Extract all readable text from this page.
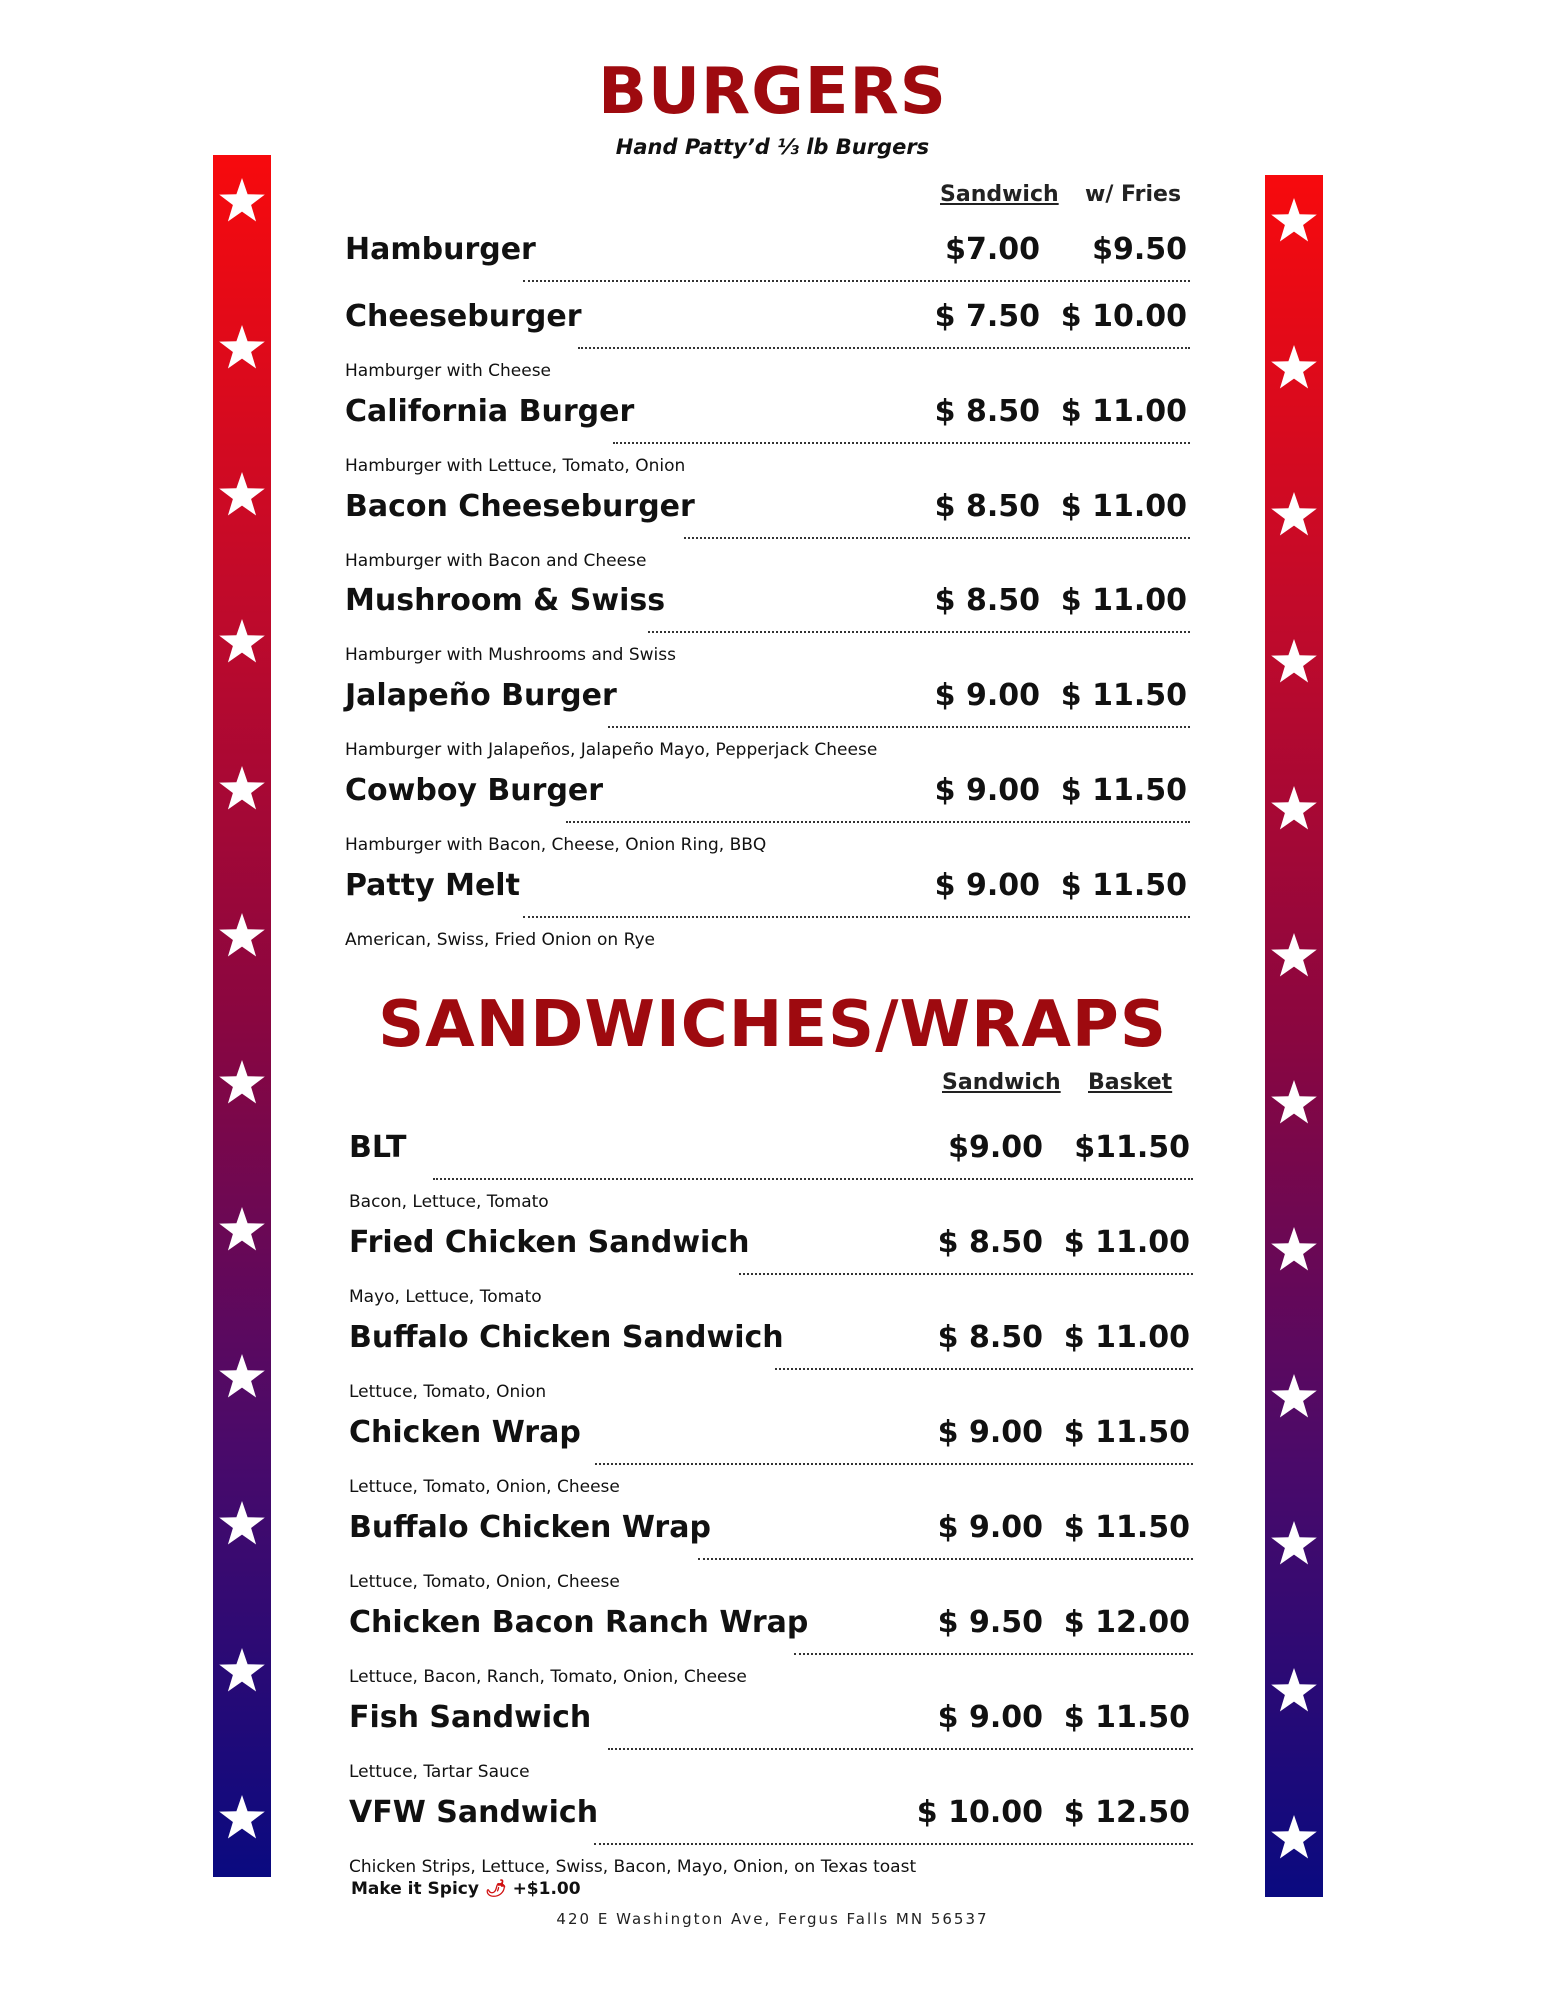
BURGERS
Hand Patty’d ⅓ lb Burgers
Sandwich w/ Fries
Hamburger	$7.00 $9.50
Cheeseburger	$ 7.50 $ 10.00
Hamburger with Cheese
California Burger	$ 8.50 $ 11.00
Hamburger with Lettuce, Tomato, Onion
Bacon Cheeseburger	$ 8.50 $ 11.00
Hamburger with Bacon and Cheese
Mushroom & Swiss	$ 8.50 $ 11.00
Hamburger with Mushrooms and Swiss
Jalapeño Burger	$ 9.00 $ 11.50
Hamburger with Jalapeños, Jalapeño Mayo, Pepperjack Cheese
Cowboy Burger	$ 9.00 $ 11.50
Hamburger with Bacon, Cheese, Onion Ring, BBQ
Patty Melt	$ 9.00 $ 11.50
American, Swiss, Fried Onion on Rye
SANDWICHES/WRAPS
Sandwich Basket
BLT	$9.00 $11.50
Bacon, Lettuce, Tomato
Fried Chicken Sandwich	$ 8.50 $ 11.00
Mayo, Lettuce, Tomato
Buffalo Chicken Sandwich	$ 8.50 $ 11.00
Lettuce, Tomato, Onion
Chicken Wrap	$ 9.00 $ 11.50
Lettuce, Tomato, Onion, Cheese
Buffalo Chicken Wrap	$ 9.00 $ 11.50
Lettuce, Tomato, Onion, Cheese
Chicken Bacon Ranch Wrap	$ 9.50 $ 12.00
Lettuce, Bacon, Ranch, Tomato, Onion, Cheese
Fish Sandwich	$ 9.00 $ 11.50
Lettuce, Tartar Sauce
VFW Sandwich	$ 10.00 $ 12.50
Chicken Strips, Lettuce, Swiss, Bacon, Mayo, Onion, on Texas toast
Make it Spicy 🌶 +$1.00
420 E Washington Ave, Fergus Falls MN 56537
